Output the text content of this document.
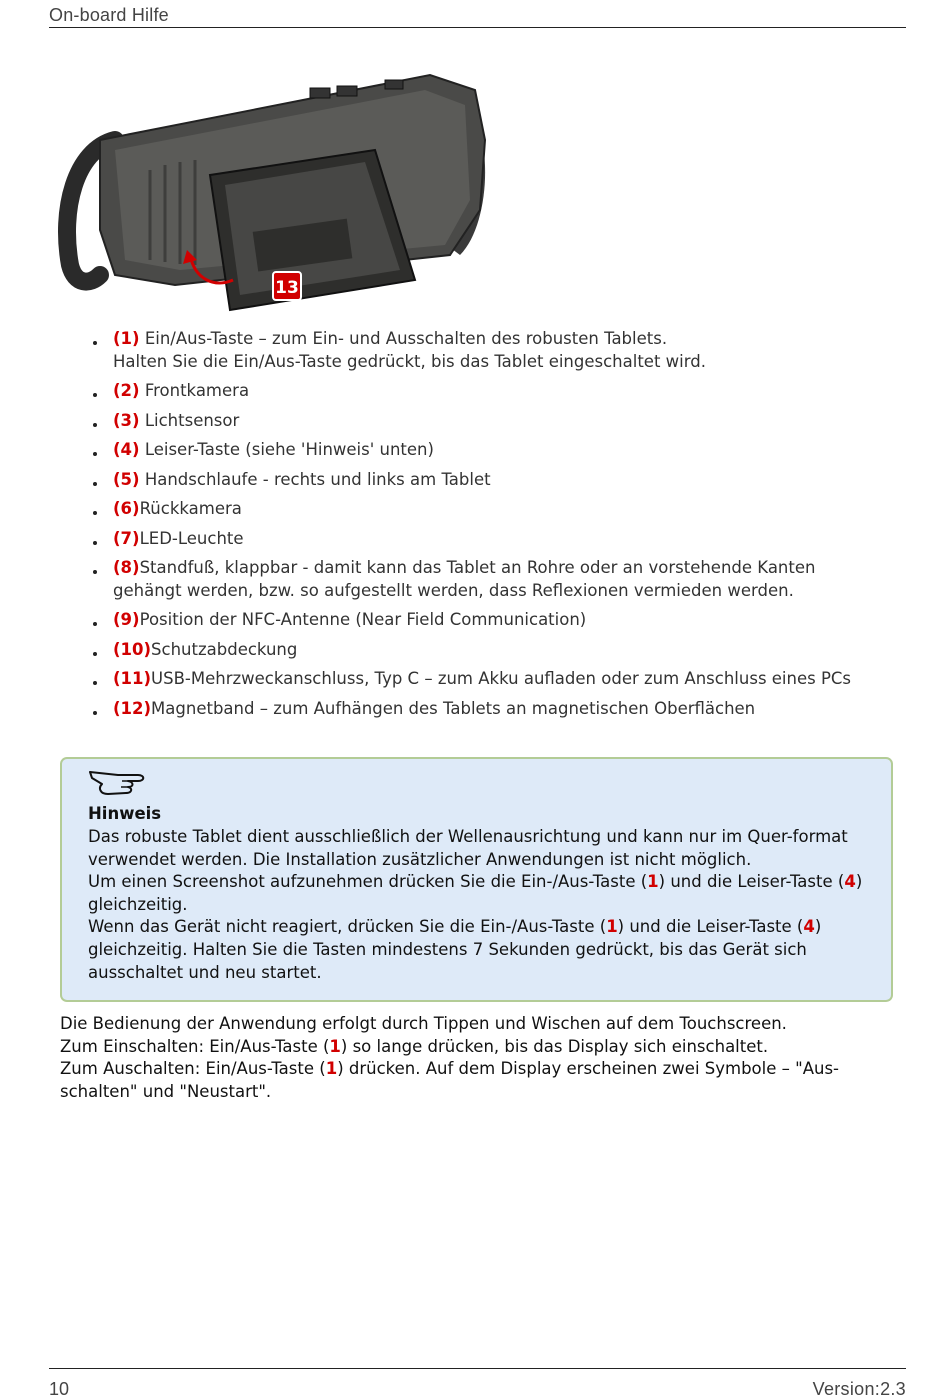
On-board Hilfe
13
(1) Ein/Aus-Taste – zum Ein- und Ausschalten des robusten Tablets.
Halten Sie die Ein/Aus-Taste gedrückt, bis das Tablet eingeschaltet wird.
(2) Frontkamera
(3) Lichtsensor
(4) Leiser-Taste (siehe 'Hinweis' unten)
(5) Handschlaufe - rechts und links am Tablet
(6)Rückkamera
(7)LED-Leuchte
(8)Standfuß, klappbar - damit kann das Tablet an Rohre oder an vorstehende Kanten gehängt werden, bzw. so aufgestellt werden, dass Reflexionen vermieden werden.
(9)Position der NFC-Antenne (Near Field Communication)
(10)Schutzabdeckung
(11)USB-Mehrzweckanschluss, Typ C – zum Akku aufladen oder zum Anschluss eines PCs
(12)Magnetband – zum Aufhängen des Tablets an magnetischen Oberflächen
Hinweis

Das robuste Tablet dient ausschließlich der Wellenausrichtung und kann nur im Quer-format verwendet werden. Die Installation zusätzlicher Anwendungen ist nicht möglich.

Um einen Screenshot aufzunehmen drücken Sie die Ein-/Aus-Taste (1) und die Leiser-Taste (4) gleichzeitig.

Wenn das Gerät nicht reagiert, drücken Sie die Ein-/Aus-Taste (1) und die Leiser-Taste (4) gleichzeitig. Halten Sie die Tasten mindestens 7 Sekunden gedrückt, bis das Gerät sich ausschaltet und neu startet.

Die Bedienung der Anwendung erfolgt durch Tippen und Wischen auf dem Touchscreen.

Zum Einschalten: Ein/Aus-Taste (1) so lange drücken, bis das Display sich einschaltet.

Zum Auschalten: Ein/Aus-Taste (1) drücken. Auf dem Display erscheinen zwei Symbole – "Aus-schalten" und "Neustart".

10	Version:2.3
